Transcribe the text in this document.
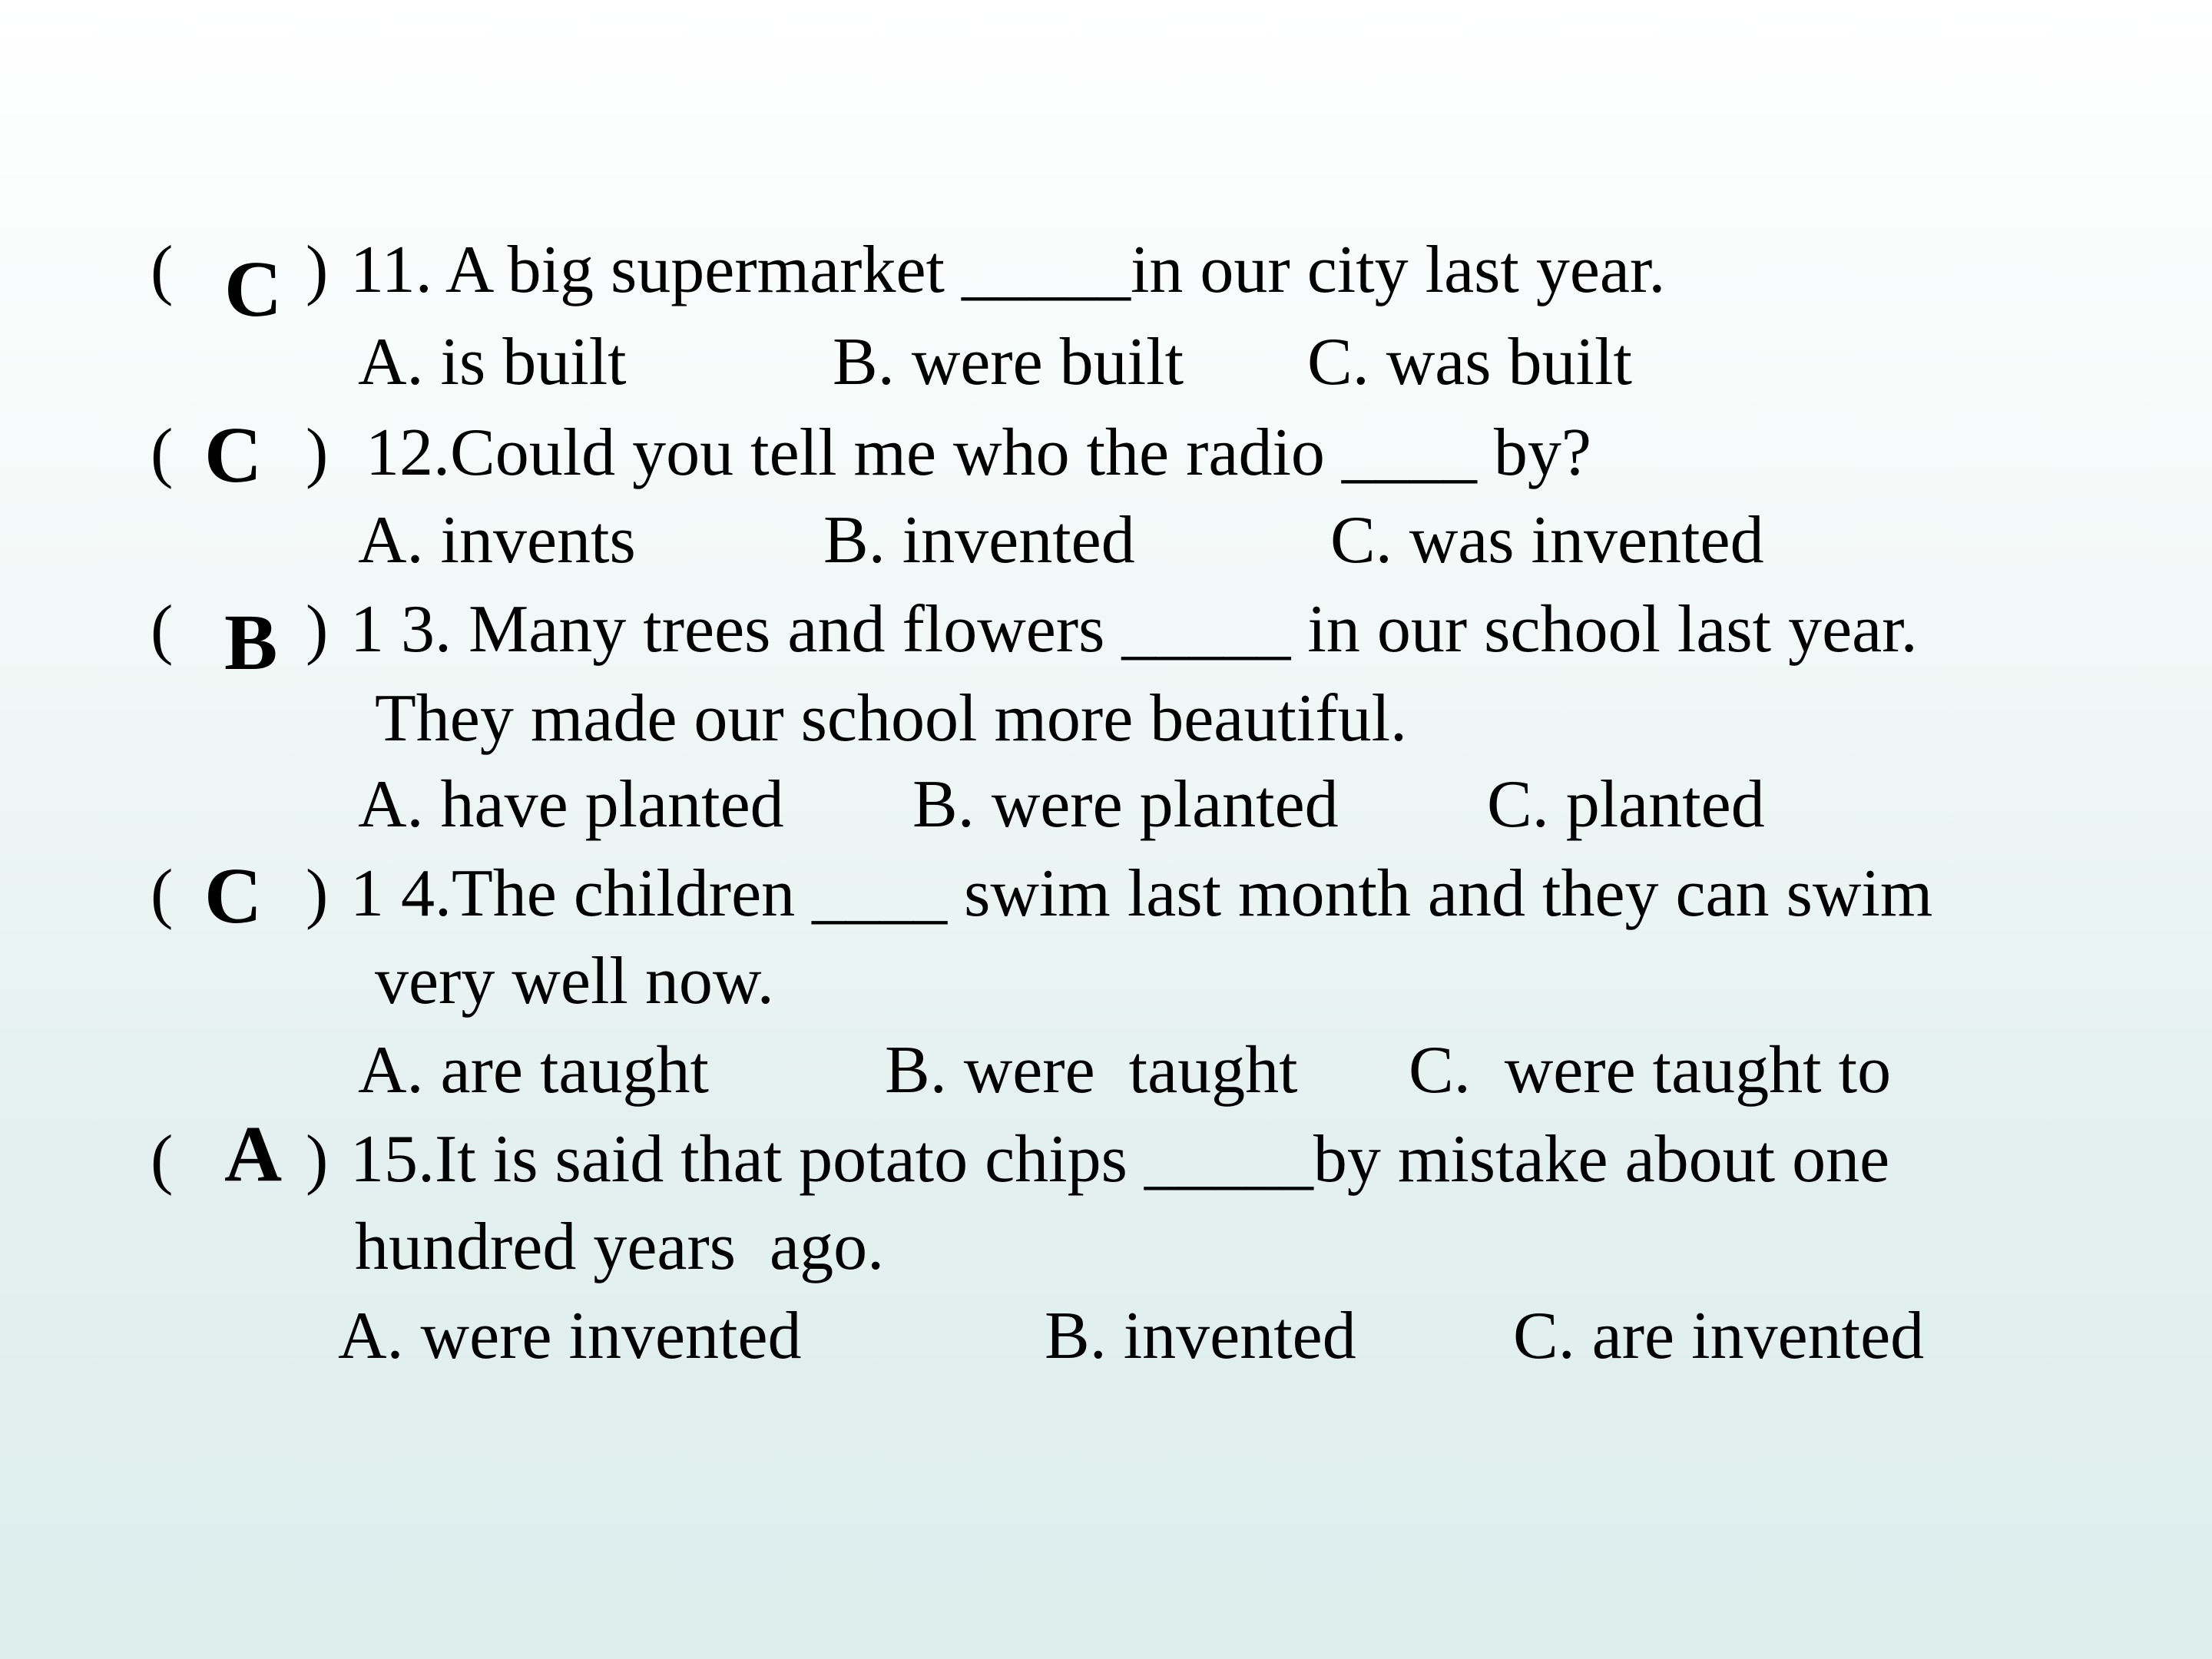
( C ) 11. A big supermarket _____in our city last year.
A. is built	B. were built C. was built
( C ) 12.Could you tell me who the radio ____ by?
A. invents	B. invented	C. was invented
( B ) 1 3. Many trees and flowers _____ in our school last year.
They made our school more beautiful.
A. have planted B. were planted C. planted
( C ) 1 4.The children ____ swim last month and they can swim
very well now.
A. are taught	B. were  taught C.  were taught to
( A ) 15.It is said that potato chips _____by mistake about one
hundred years  ago.
A. were invented	B. invented C. are invented
